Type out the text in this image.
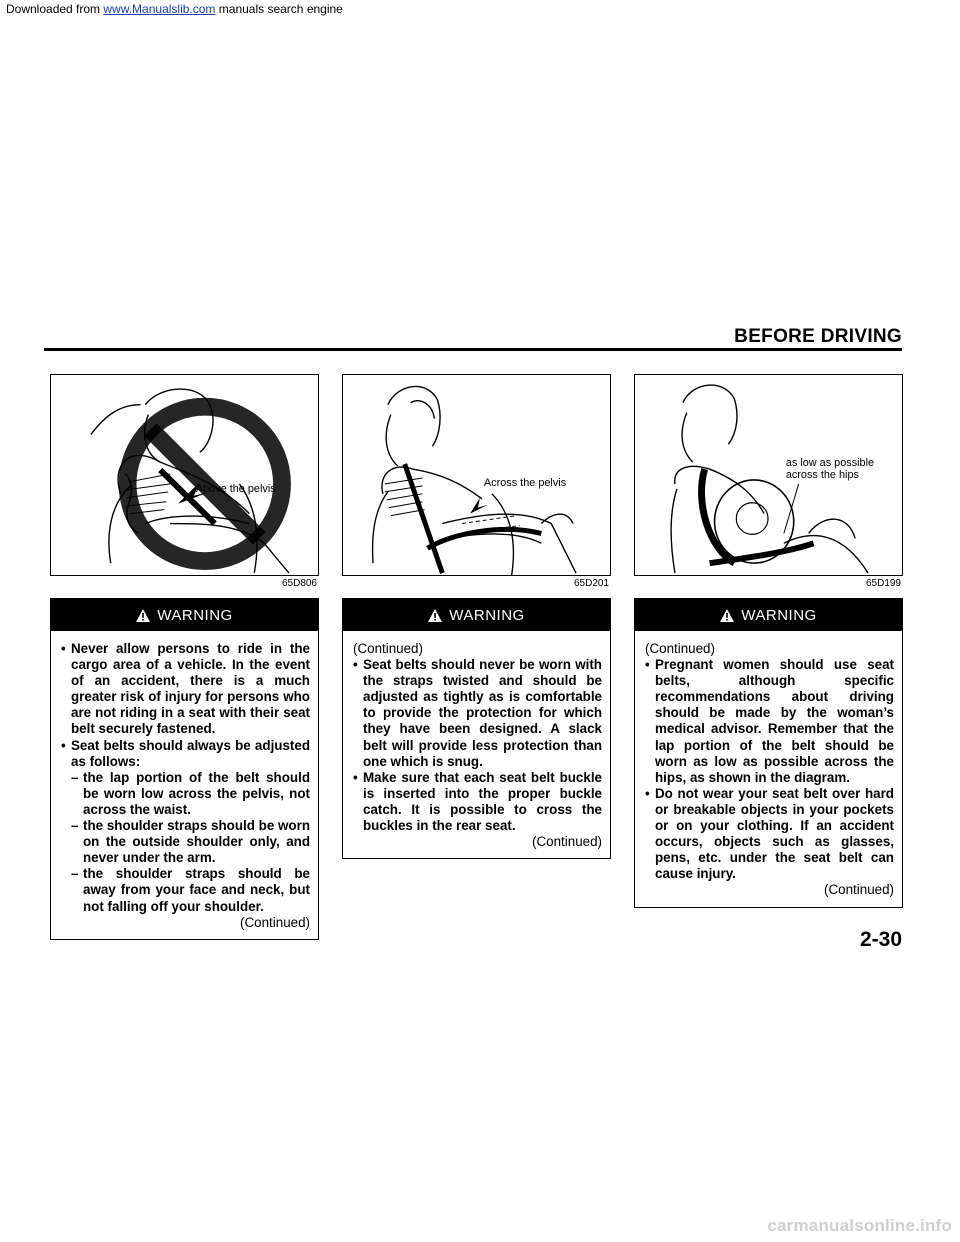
Downloaded from www.Manualslib.com manuals search engine
BEFORE DRIVING
Above the pelvis
65D806
Across the pelvis
65D201
as low as possible
across the hips
65D199
WARNING
• Never allow persons to ride in the cargo area of a vehicle. In the event of an accident, there is a much greater risk of injury for persons who are not riding in a seat with their seat belt securely fastened.
• Seat belts should always be adjusted as follows:
– the lap portion of the belt should be worn low across the pelvis, not across the waist.
– the shoulder straps should be worn on the outside shoulder only, and never under the arm.
– the shoulder straps should be away from your face and neck, but not falling off your shoulder.
(Continued)
WARNING
(Continued)
• Seat belts should never be worn with the straps twisted and should be adjusted as tightly as is comfortable to provide the protection for which they have been designed. A slack belt will provide less protection than one which is snug.
• Make sure that each seat belt buckle is inserted into the proper buckle catch. It is possible to cross the buckles in the rear seat.
(Continued)
WARNING
(Continued)
• Pregnant women should use seat belts, although specific recommendations about driving should be made by the woman’s medical advisor. Remember that the lap portion of the belt should be worn as low as possible across the hips, as shown in the diagram.
• Do not wear your seat belt over hard or breakable objects in your pockets or on your clothing. If an accident occurs, objects such as glasses, pens, etc. under the seat belt can cause injury.
(Continued)
2-30
carmanualsonline.info
